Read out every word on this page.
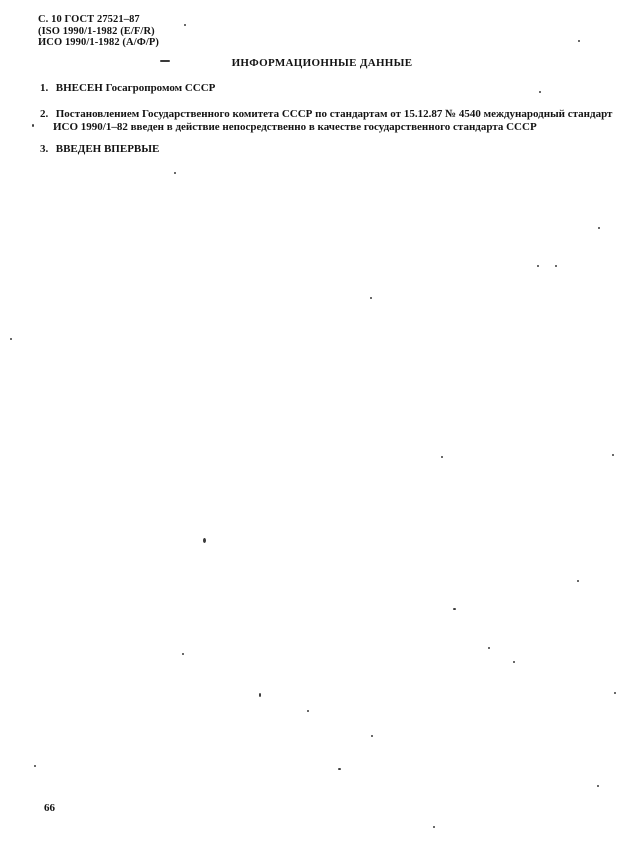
С. 10 ГОСТ 27521–87
(ISO 1990/1-1982 (E/F/R)
ИСО 1990/1-1982 (А/Ф/Р)
ИНФОРМАЦИОННЫЕ ДАННЫЕ
1. ВНЕСЕН Госагропромом СССР
2. Постановлением Государственного комитета СССР по стандартам от 15.12.87 № 4540 международный стандарт
ИСО 1990/1–82 введен в действие непосредственно в качестве государственного стандарта СССР
3. ВВЕДЕН ВПЕРВЫЕ
66
